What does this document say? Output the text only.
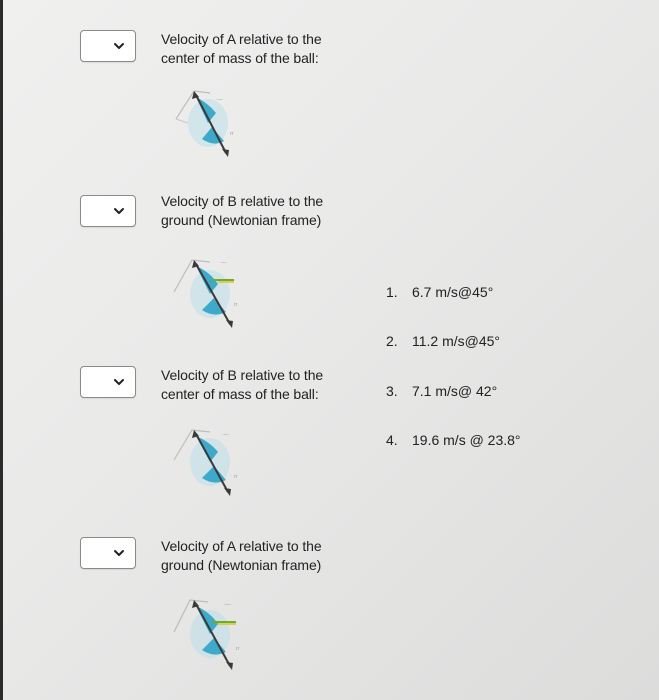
Velocity of A relative to the
center of mass of the ball:
·—
rr
Velocity of B relative to the
ground (Newtonian frame)
·—
rr
Velocity of B relative to the
center of mass of the ball:
·—
rr
Velocity of A relative to the
ground (Newtonian frame)
·—
rr
1. 6.7 m/s@45°
2. 11.2 m/s@45°
3. 7.1 m/s@ 42°
4. 19.6 m/s @ 23.8°
